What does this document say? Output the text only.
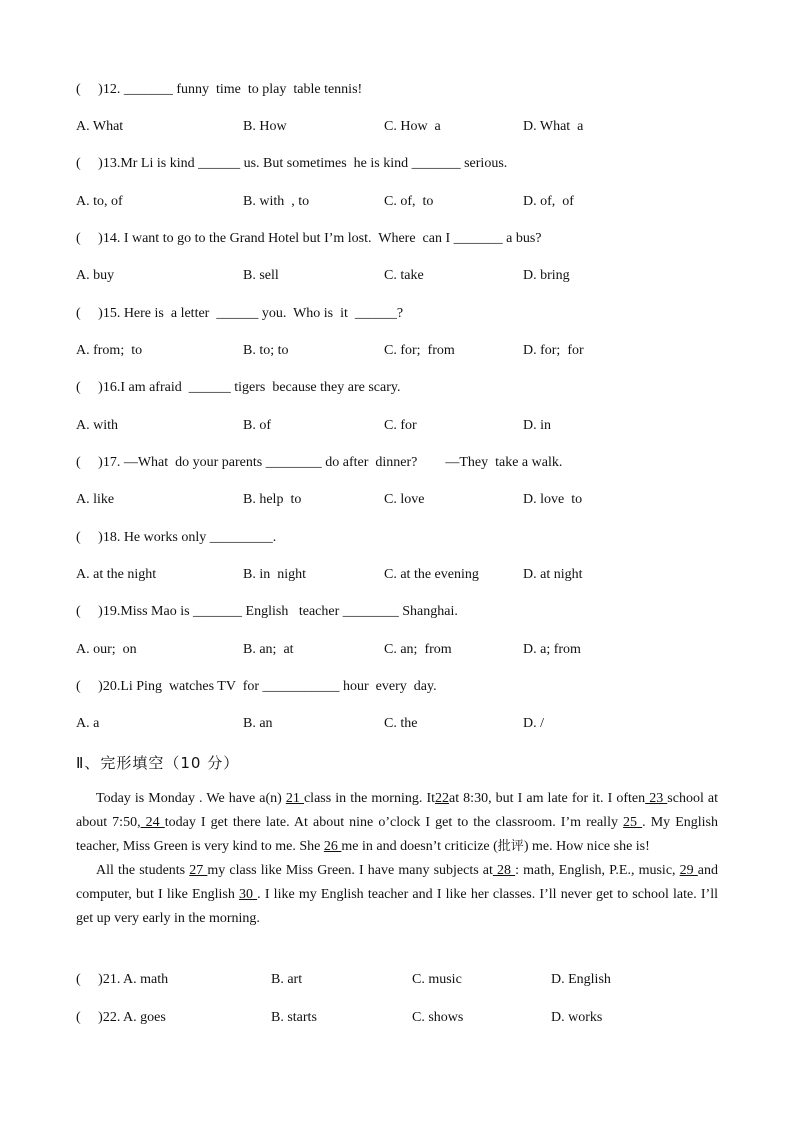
(     )12. _______ funny  time  to play  table tennis!
A. What	B. How	C. How  a	D. What  a
(     )13.Mr Li is kind ______ us. But sometimes  he is kind _______ serious.
A. to, of	B. with  , to	C. of,  to	D. of,  of
(     )14. I want to go to the Grand Hotel but I’m lost.  Where  can I _______ a bus?
A. buy	B. sell	C. take	D. bring
(     )15. Here is  a letter  ______ you.  Who is  it  ______?
A. from;  to	B. to; to	C. for;  from	D. for;  for
(     )16.I am afraid  ______ tigers  because they are scary.
A. with	B. of	C. for	D. in
(     )17. —What  do your parents ________ do after  dinner?        —They  take a walk.
A. like	B. help  to	C. love	D. love  to
(     )18. He works only _________.
A. at the night	B. in  night	C. at the evening	D. at night
(     )19.Miss Mao is _______ English   teacher ________ Shanghai.
A. our;  on	B. an;  at	C. an;  from	D. a; from
(     )20.Li Ping  watches TV  for ___________ hour  every  day.
A. a	B. an	C. the	D. /
Ⅱ、完形填空（10 分）

Today is Monday . We have a(n) 21 class in the morning. It22at 8:30, but I am late for it. I often 23 school at about 7:50, 24 today I get there late. At about nine o’clock I get to the classroom. I’m really 25 . My English teacher, Miss Green is very kind to me. She 26 me in and doesn’t criticize (批评) me. How nice she is!

All the students 27 my class like Miss Green. I have many subjects at 28 : math, English, P.E., music, 29 and computer, but I like English 30 . I like my English teacher and I like her classes. I’ll never get to school late. I’ll get up very early in the morning.

(     )21. A. math	B. art	C. music	D. English
(     )22. A. goes	B. starts	C. shows	D. works
